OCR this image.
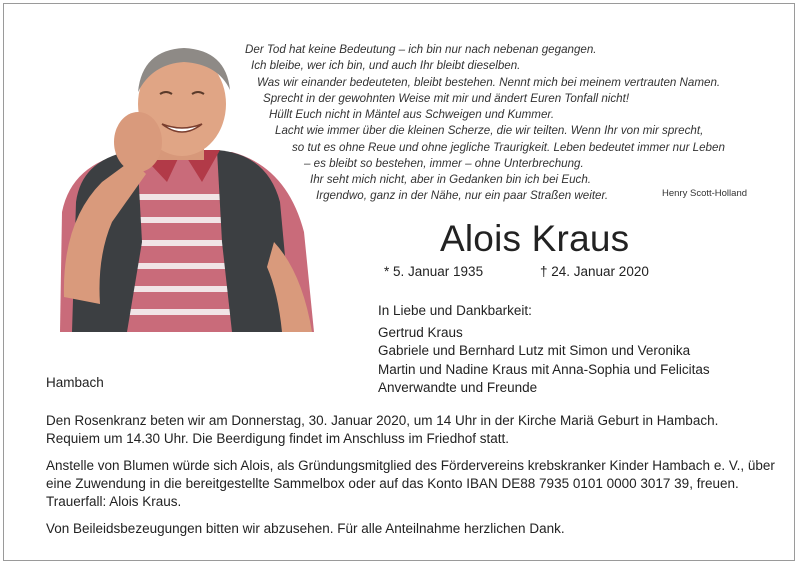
Der Tod hat keine Bedeutung – ich bin nur nach nebenan gegangen.
Ich bleibe, wer ich bin, und auch Ihr bleibt dieselben.
Was wir einander bedeuteten, bleibt bestehen. Nennt mich bei meinem vertrauten Namen.
Sprecht in der gewohnten Weise mit mir und ändert Euren Tonfall nicht!
Hüllt Euch nicht in Mäntel aus Schweigen und Kummer.
Lacht wie immer über die kleinen Scherze, die wir teilten. Wenn Ihr von mir sprecht,
so tut es ohne Reue und ohne jegliche Traurigkeit. Leben bedeutet immer nur Leben
– es bleibt so bestehen, immer – ohne Unterbrechung.
Ihr seht mich nicht, aber in Gedanken bin ich bei Euch.
Irgendwo, ganz in der Nähe, nur ein paar Straßen weiter.	Henry Scott-Holland
Alois Kraus
* 5. Januar 1935	† 24. Januar 2020
In Liebe und Dankbarkeit:
Gertrud Kraus
Gabriele und Bernhard Lutz mit Simon und Veronika
Martin und Nadine Kraus mit Anna-Sophia und Felicitas
Anverwandte und Freunde
Hambach

Den Rosenkranz beten wir am Donnerstag, 30. Januar 2020, um 14 Uhr in der Kirche Mariä Geburt in Hambach. Requiem um 14.30 Uhr. Die Beerdigung findet im Anschluss im Friedhof statt.

Anstelle von Blumen würde sich Alois, als Gründungsmitglied des Fördervereins krebskranker Kinder Hambach e. V., über eine Zuwendung in die bereitgestellte Sammelbox oder auf das Konto IBAN DE88 7935 0101 0000 3017 39, freuen. Trauerfall: Alois Kraus.

Von Beileidsbezeugungen bitten wir abzusehen. Für alle Anteilnahme herzlichen Dank.
